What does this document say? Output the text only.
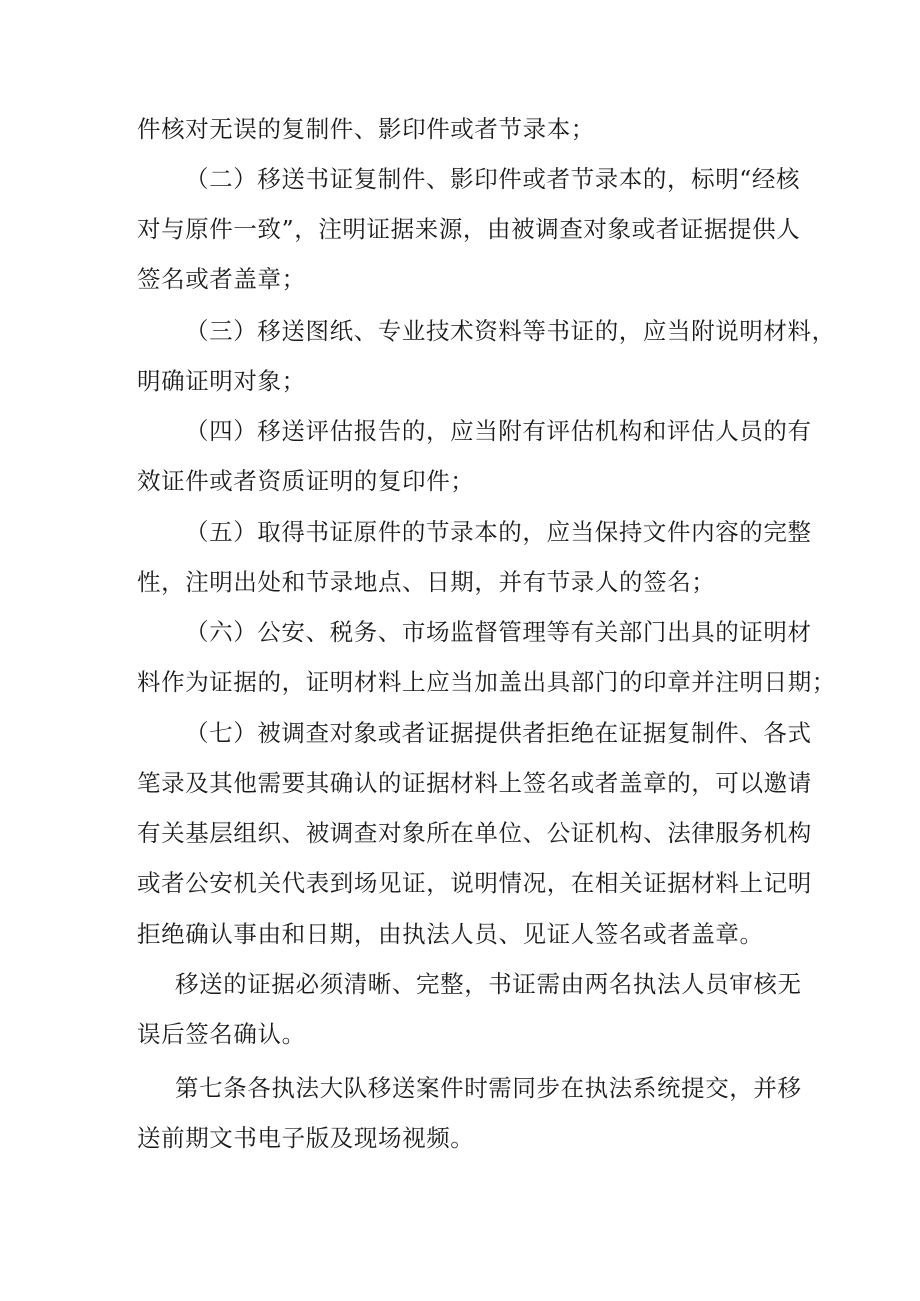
件核对无误的复制件、影印件或者节录本；
（二）移送书证复制件、影印件或者节录本的，标明“经核
对与原件一致”，注明证据来源，由被调查对象或者证据提供人
签名或者盖章；
（三）移送图纸、专业技术资料等书证的，应当附说明材料，
明确证明对象；
（四）移送评估报告的，应当附有评估机构和评估人员的有
效证件或者资质证明的复印件；
（五）取得书证原件的节录本的，应当保持文件内容的完整
性，注明出处和节录地点、日期，并有节录人的签名；
（六）公安、税务、市场监督管理等有关部门出具的证明材
料作为证据的，证明材料上应当加盖出具部门的印章并注明日期；
（七）被调查对象或者证据提供者拒绝在证据复制件、各式
笔录及其他需要其确认的证据材料上签名或者盖章的，可以邀请
有关基层组织、被调查对象所在单位、公证机构、法律服务机构
或者公安机关代表到场见证，说明情况，在相关证据材料上记明
拒绝确认事由和日期，由执法人员、见证人签名或者盖章。
移送的证据必须清晰、完整，书证需由两名执法人员审核无
误后签名确认。
第七条各执法大队移送案件时需同步在执法系统提交，并移
送前期文书电子版及现场视频。
